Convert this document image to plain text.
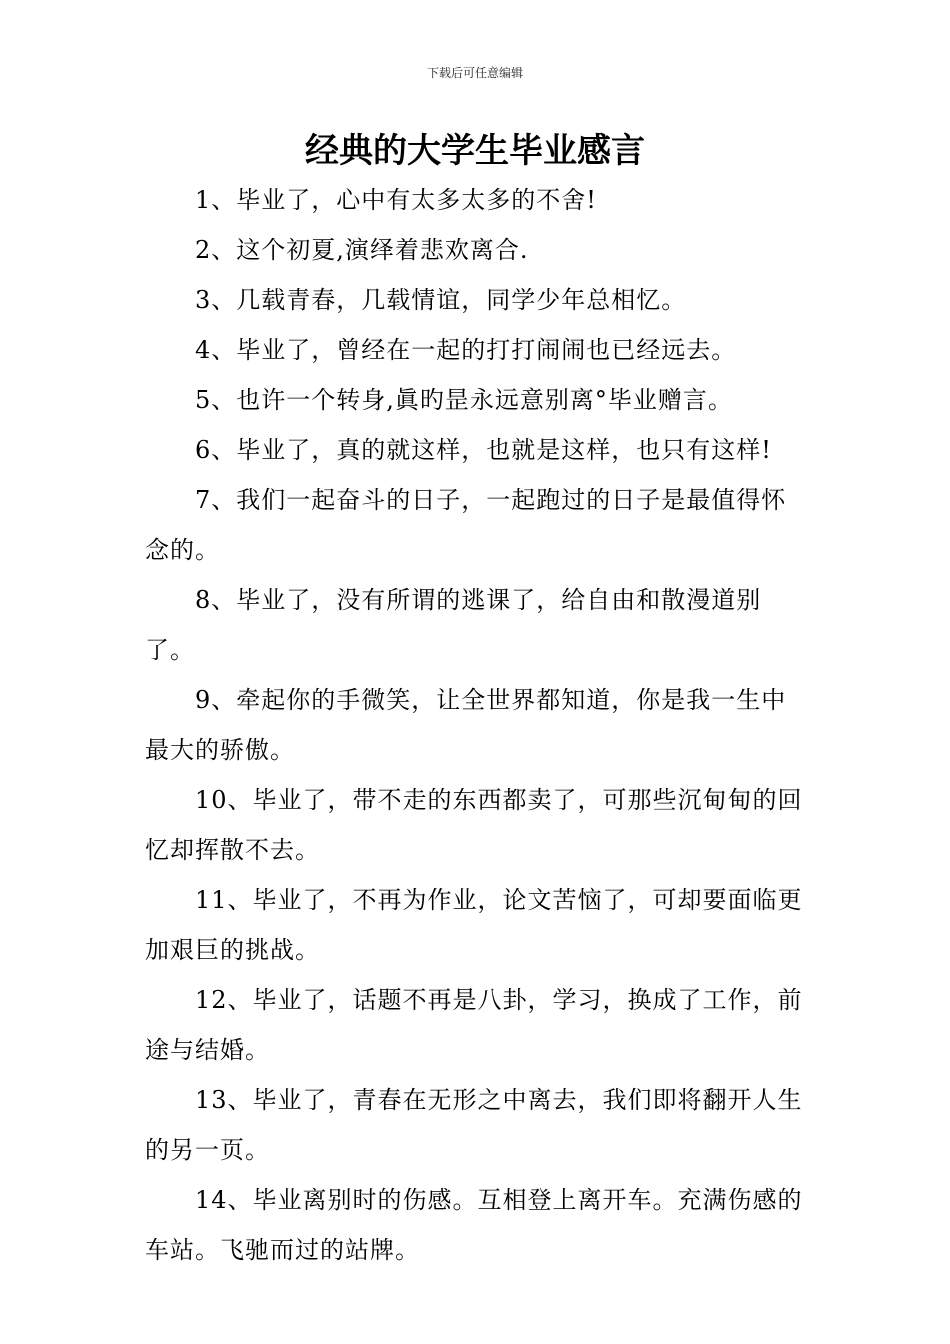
下载后可任意编辑
经典的大学生毕业感言

1、毕业了，心中有太多太多的不舍!

2、这个初夏,演绎着悲欢离合.

3、几载青春，几载情谊，同学少年总相忆。

4、毕业了，曾经在一起的打打闹闹也已经远去。

5、也许一个转身,眞旳昰永远意别离°毕业赠言。

6、毕业了，真的就这样，也就是这样，也只有这样!

7、我们一起奋斗的日子，一起跑过的日子是最值得怀念的。

8、毕业了，没有所谓的逃课了，给自由和散漫道别了。

9、牵起你的手微笑，让全世界都知道，你是我一生中最大的骄傲。

10、毕业了，带不走的东西都卖了，可那些沉甸甸的回忆却挥散不去。

11、毕业了，不再为作业，论文苦恼了，可却要面临更加艰巨的挑战。

12、毕业了，话题不再是八卦，学习，换成了工作，前途与结婚。

13、毕业了，青春在无形之中离去，我们即将翻开人生的另一页。

14、毕业离别时的伤感。互相登上离开车。充满伤感的车站。飞驰而过的站牌。
